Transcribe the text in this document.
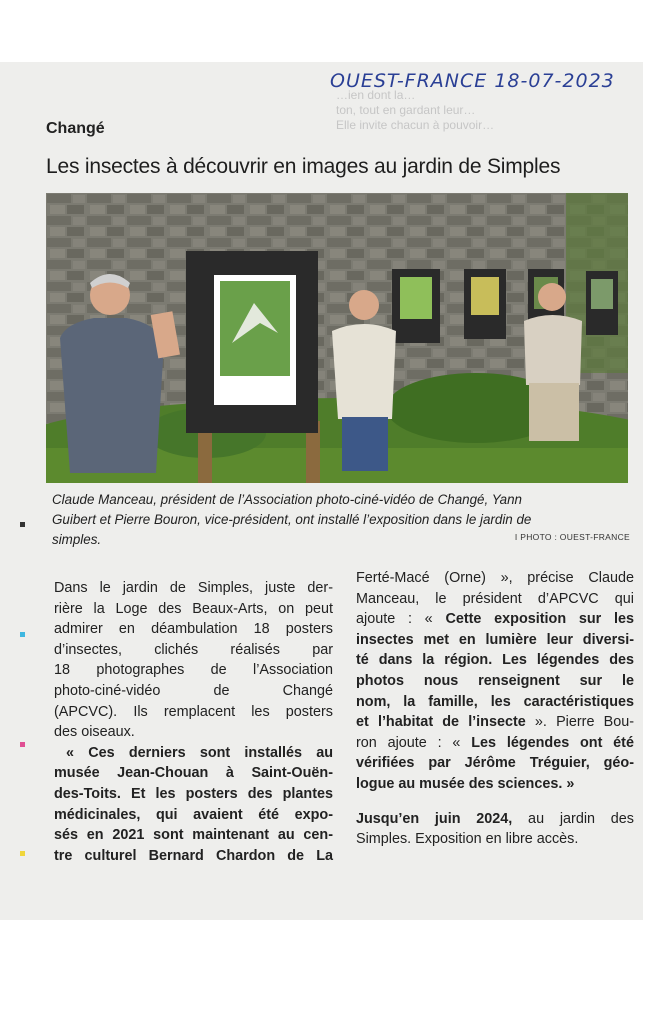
…ien dont la…
ton, tout en gardant leur…
Elle invite chacun à pouvoir…
OUEST-FRANCE 18-07-2023
Changé
Les insectes à découvrir en images au jardin de Simples
Claude Manceau, président de l’Association photo-ciné-vidéo de Changé, Yann
Guibert et Pierre Bouron, vice-président, ont installé l’exposition dans le jardin de
simples.	I PHOTO : OUEST-FRANCE
Dans le jardin de Simples, juste der-
rière la Loge des Beaux-Arts, on peut
admirer en déambulation 18 posters
d’insectes, clichés réalisés par
18 photographes de l’Association
photo-ciné-vidéo de Changé
(APCVC). Ils remplacent les posters
des oiseaux.
« Ces derniers sont installés au
musée Jean-Chouan à Saint-Ouën-
des-Toits. Et les posters des plantes
médicinales, qui avaient été expo-
sés en 2021 sont maintenant au cen-
tre culturel Bernard Chardon de La
Ferté-Macé (Orne) », précise Claude
Manceau, le président d’APCVC qui
ajoute : « Cette exposition sur les
insectes met en lumière leur diversi-
té dans la région. Les légendes des
photos nous renseignent sur le
nom, la famille, les caractéristiques
et l’habitat de l’insecte ». Pierre Bou-
ron ajoute : « Les légendes ont été
vérifiées par Jérôme Tréguier, géo-
logue au musée des sciences. »
Jusqu’en juin 2024, au jardin des
Simples. Exposition en libre accès.
